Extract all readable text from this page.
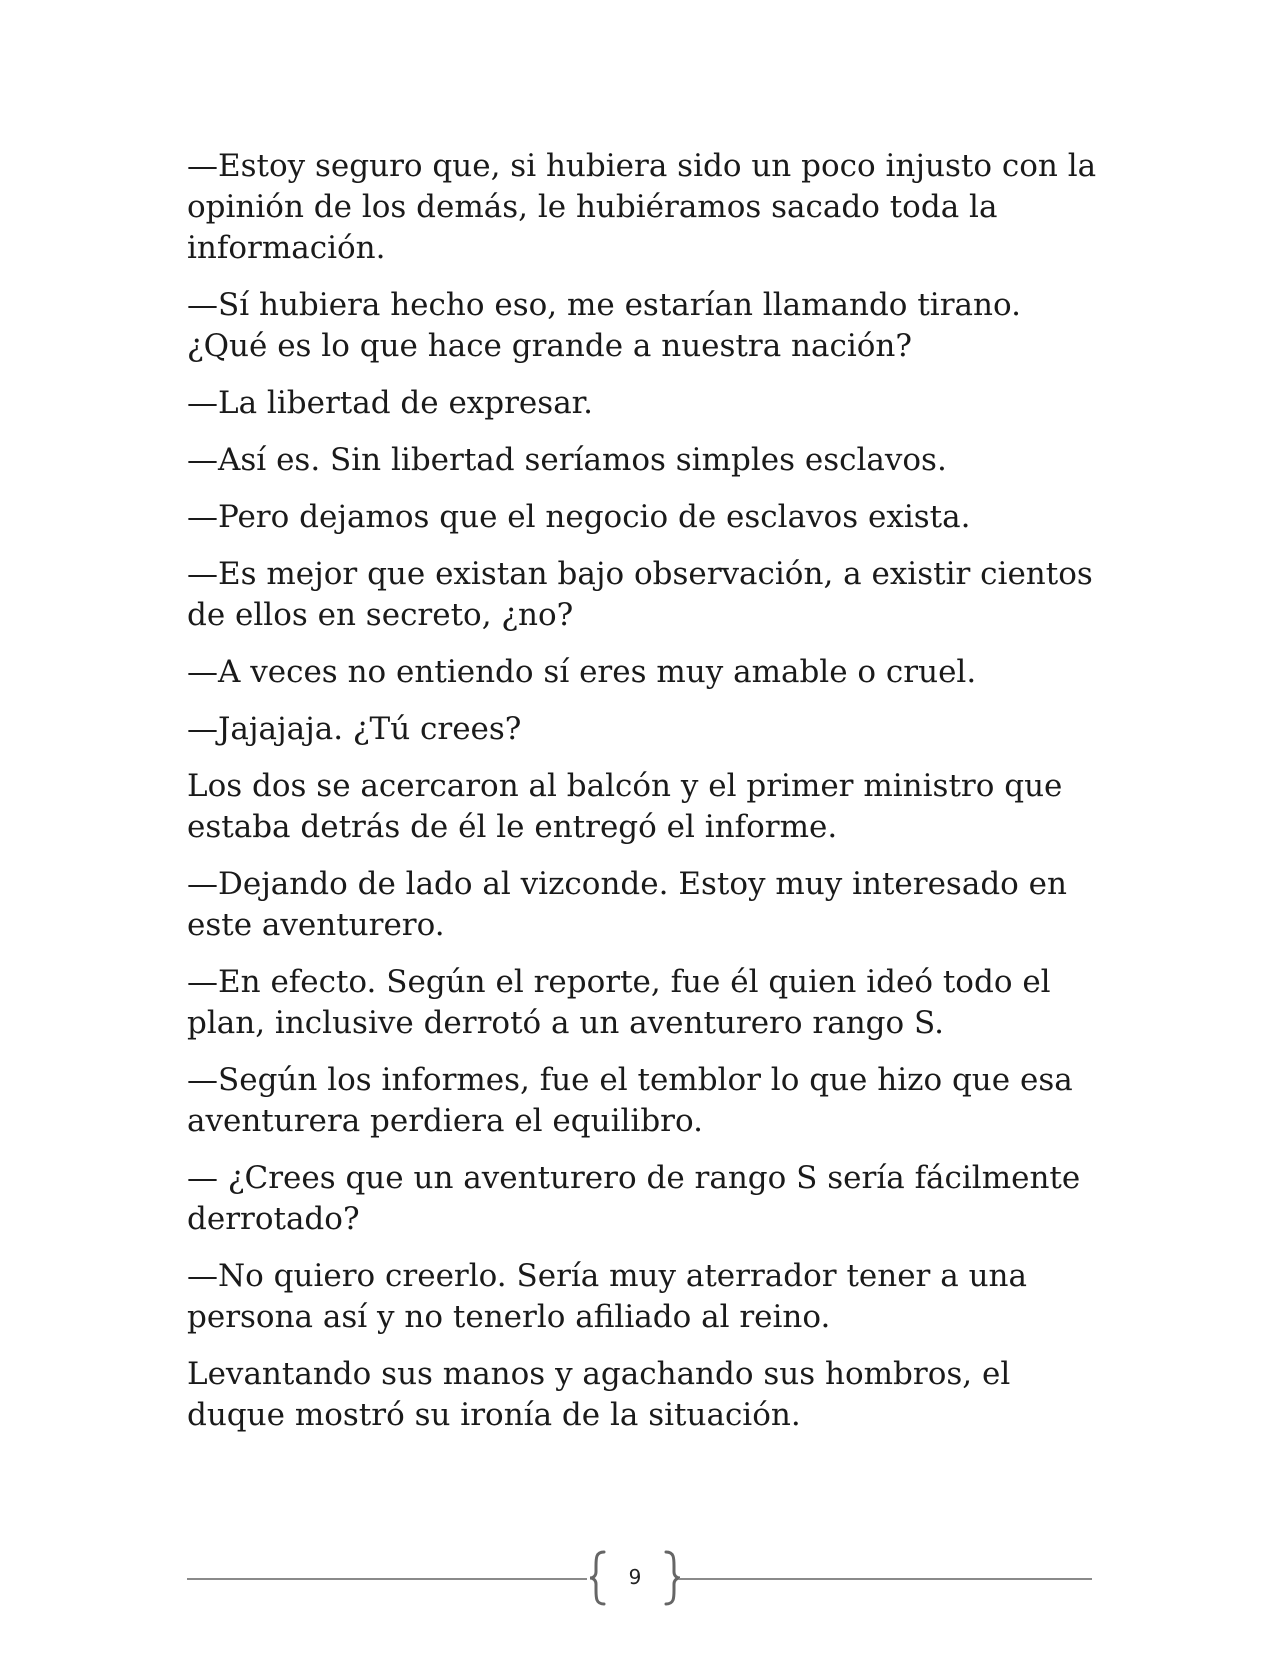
—Estoy seguro que, si hubiera sido un poco injusto con la opinión de los demás, le hubiéramos sacado toda la información.

—Sí hubiera hecho eso, me estarían llamando tirano. ¿Qué es lo que hace grande a nuestra nación?

—La libertad de expresar.

—Así es. Sin libertad seríamos simples esclavos.

—Pero dejamos que el negocio de esclavos exista.

—Es mejor que existan bajo observación, a existir cientos de ellos en secreto, ¿no?

—A veces no entiendo sí eres muy amable o cruel.

—Jajajaja. ¿Tú crees?

Los dos se acercaron al balcón y el primer ministro que estaba detrás de él le entregó el informe.

—Dejando de lado al vizconde. Estoy muy interesado en este aventurero.

—En efecto. Según el reporte, fue él quien ideó todo el plan, inclusive derrotó a un aventurero rango S.

—Según los informes, fue el temblor lo que hizo que esa aventurera perdiera el equilibro.

— ¿Crees que un aventurero de rango S sería fácilmente derrotado?

—No quiero creerlo. Sería muy aterrador tener a una persona así y no tenerlo afiliado al reino.

Levantando sus manos y agachando sus hombros, el duque mostró su ironía de la situación.

9
